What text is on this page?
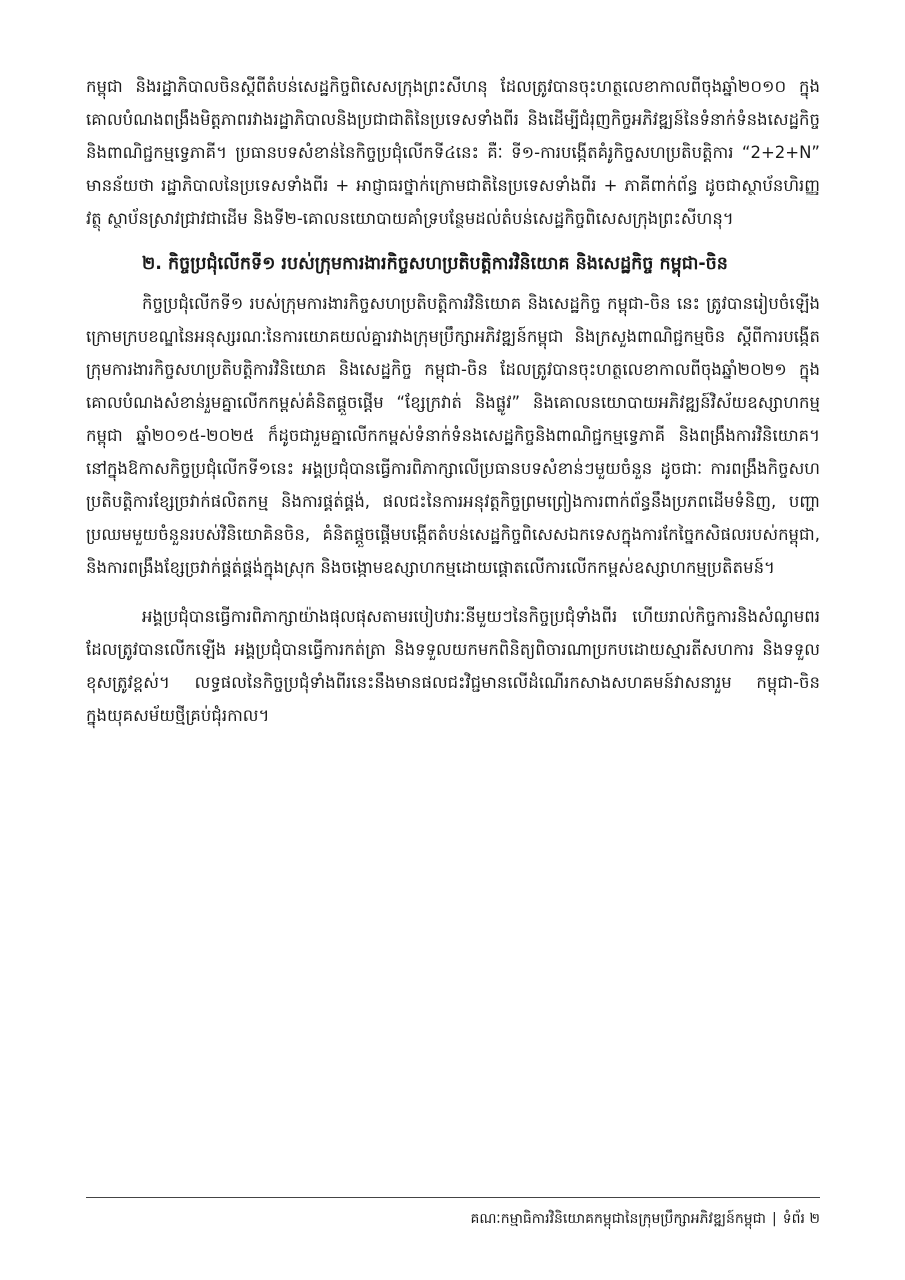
កម្ពុជា និងរដ្ឋាភិបាលចិនស្តីពីតំបន់សេដ្ឋកិច្ចពិសេសក្រុងព្រះសីហនុ ដែលត្រូវបានចុះហត្ថលេខាកាលពីចុងឆ្នាំ២០១០ ក្នុងគោលបំណងពង្រឹងមិត្តភាពរវាងរដ្ឋាភិបាលនិងប្រជាជាតិនៃប្រទេសទាំងពីរ និងដើម្បីជំរុញកិច្ចអភិវឌ្ឍន៍នៃទំនាក់ទំនងសេដ្ឋកិច្ច និងពាណិជ្ជកម្មទ្វេភាគី។ ប្រធានបទសំខាន់នៃកិច្ចប្រជុំលើកទី៤នេះ គឺៈ ទី១-ការបង្កើតគំរូកិច្ចសហប្រតិបត្តិការ “2+2+N” មានន័យថា រដ្ឋាភិបាលនៃប្រទេសទាំងពីរ + អាជ្ញាធរថ្នាក់ក្រោមជាតិនៃប្រទេសទាំងពីរ + ភាគីពាក់ព័ន្ធ ដូចជាស្ថាប័នហិរញ្ញវត្ថុ ស្ថាប័នស្រាវជ្រាវជាដើម និងទី២-គោលនយោបាយគាំទ្របន្ថែមដល់តំបន់សេដ្ឋកិច្ចពិសេសក្រុងព្រះសីហនុ។

២. កិច្ចប្រជុំលើកទី១ របស់ក្រុមការងារកិច្ចសហប្រតិបត្តិការវិនិយោគ និងសេដ្ឋកិច្ច កម្ពុជា-ចិន

កិច្ចប្រជុំលើកទី១ របស់ក្រុមការងារកិច្ចសហប្រតិបត្តិការវិនិយោគ និងសេដ្ឋកិច្ច កម្ពុជា-ចិន នេះ ត្រូវបានរៀបចំឡើងក្រោមក្របខណ្ឌនៃអនុស្សរណៈនៃការយោគយល់គ្នារវាងក្រុមប្រឹក្សាអភិវឌ្ឍន៍កម្ពុជា និងក្រសួងពាណិជ្ជកម្មចិន ស្តីពីការបង្កើតក្រុមការងារកិច្ចសហប្រតិបត្តិការវិនិយោគ និងសេដ្ឋកិច្ច កម្ពុជា-ចិន ដែលត្រូវបានចុះហត្ថលេខាកាលពីចុងឆ្នាំ២០២១ ក្នុងគោលបំណងសំខាន់រួមគ្នាលើកកម្ពស់គំនិតផ្តួចផ្តើម “ខ្សែក្រវាត់ និងផ្លូវ” និងគោលនយោបាយអភិវឌ្ឍន៍វិស័យឧស្សាហកម្មកម្ពុជា ឆ្នាំ២០១៥-២០២៥ ក៏ដូចជារួមគ្នាលើកកម្ពស់ទំនាក់ទំនងសេដ្ឋកិច្ចនិងពាណិជ្ជកម្មទ្វេភាគី និងពង្រឹងការវិនិយោគ។ នៅក្នុងឱកាសកិច្ចប្រជុំលើកទី១នេះ អង្គប្រជុំបានធ្វើការពិភាក្សាលើប្រធានបទសំខាន់ៗមួយចំនួន ដូចជាៈ ការពង្រឹងកិច្ចសហប្រតិបត្តិការខ្សែច្រវាក់ផលិតកម្ម និងការផ្គត់ផ្គង់, ផលជះនៃការអនុវត្តកិច្ចព្រមព្រៀងការពាក់ព័ន្ធនឹងប្រភពដើមទំនិញ, បញ្ហាប្រឈមមួយចំនួនរបស់វិនិយោគិនចិន, គំនិតផ្តួចផ្តើមបង្កើតតំបន់សេដ្ឋកិច្ចពិសេសឯកទេសក្នុងការកែច្នៃកសិផលរបស់កម្ពុជា, និងការពង្រឹងខ្សែច្រវាក់ផ្គត់ផ្គង់ក្នុងស្រុក និងចង្កោមឧស្សាហកម្មដោយផ្តោតលើការលើកកម្ពស់ឧស្សាហកម្មប្រតិតមន៍។

អង្គប្រជុំបានធ្វើការពិភាក្សាយ៉ាងផុលផុសតាមរបៀបវារៈនីមួយៗនៃកិច្ចប្រជុំទាំងពីរ ហើយរាល់កិច្ចការនិងសំណូមពរដែលត្រូវបានលើកឡើង អង្គប្រជុំបានធ្វើការកត់ត្រា និងទទួលយកមកពិនិត្យពិចារណាប្រកបដោយស្មារតីសហការ និងទទួលខុសត្រូវខ្ពស់។ លទ្ធផលនៃកិច្ចប្រជុំទាំងពីរនេះនឹងមានផលជះវិជ្ជមានលើដំណើរកសាងសហគមន៍វាសនារួម កម្ពុជា-ចិន ក្នុងយុគសម័យថ្មីគ្រប់ជុំរកាល។

គណៈកម្មាធិការវិនិយោគកម្ពុជានៃក្រុមប្រឹក្សាអភិវឌ្ឍន៍កម្ពុជា | ទំព័រ ២
